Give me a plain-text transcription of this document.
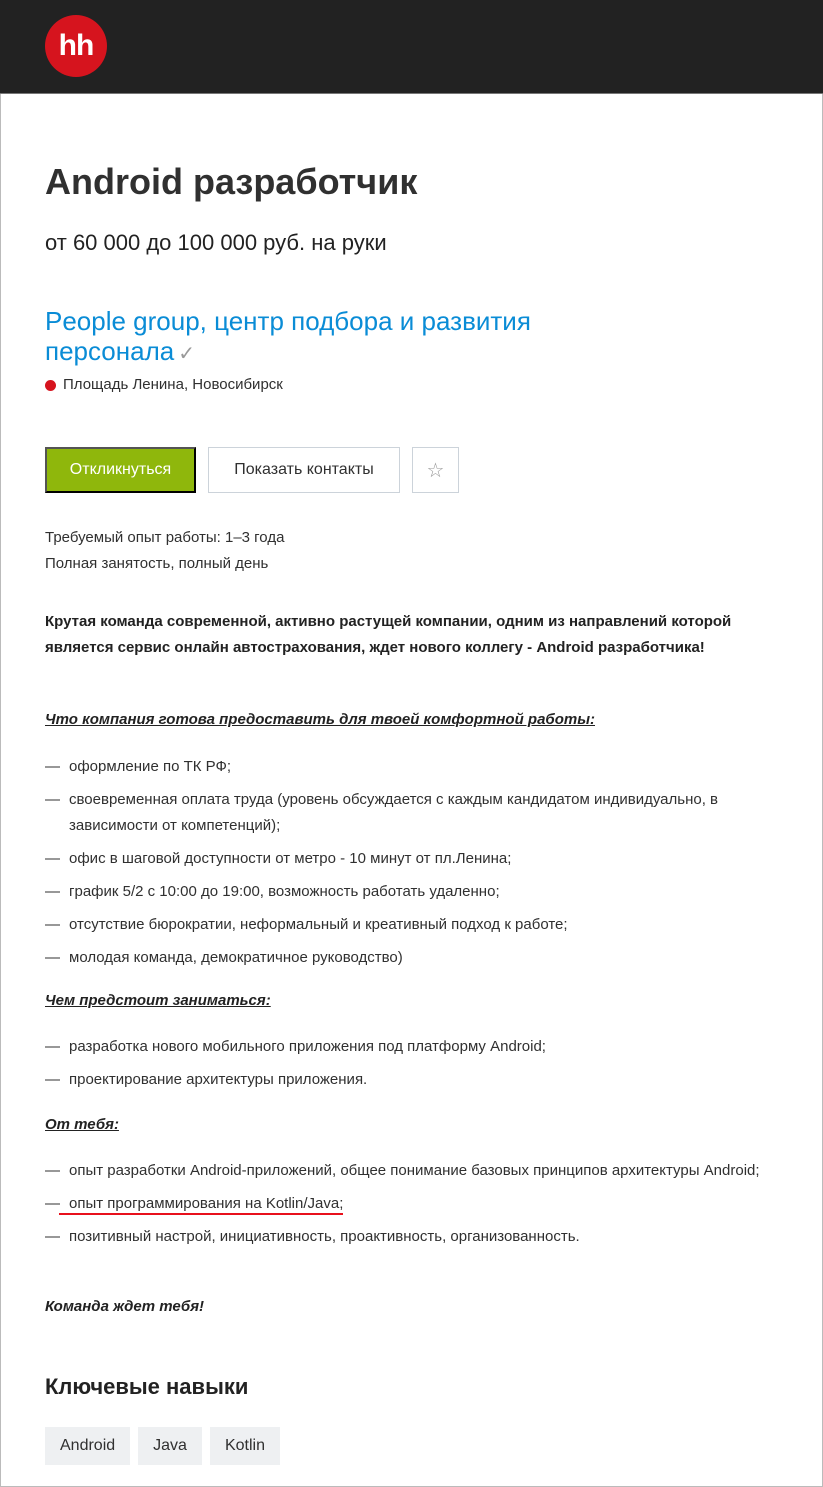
hh
Android разработчик
от 60 000 до 100 000 руб. на руки
People group, центр подбора и развития персонала ✓
Площадь Ленина, Новосибирск
Откликнуться	Показать контакты	☆
Требуемый опыт работы: 1–3 года
Полная занятость, полный день

Крутая команда современной, активно растущей компании, одним из направлений которой является сервис онлайн автострахования, ждет нового коллегу - Android разработчика!

Что компания готова предоставить для твоей комфортной работы:

— оформление по ТК РФ;
— своевременная оплата труда (уровень обсуждается с каждым кандидатом индивидуально, в зависимости от компетенций);
— офис в шаговой доступности от метро - 10 минут от пл.Ленина;
— график 5/2 с 10:00 до 19:00, возможность работать удаленно;
— отсутствие бюрократии, неформальный и креативный подход к работе;
— молодая команда, демократичное руководство)

Чем предстоит заниматься:

— разработка нового мобильного приложения под платформу Android;
— проектирование архитектуры приложения.

От тебя:

— опыт разработки Android-приложений, общее понимание базовых принципов архитектуры Android;
— опыт программирования на Kotlin/Java;
— позитивный настрой, инициативность, проактивность, организованность.

Команда ждет тебя!

Ключевые навыки
Android	Java	Kotlin
